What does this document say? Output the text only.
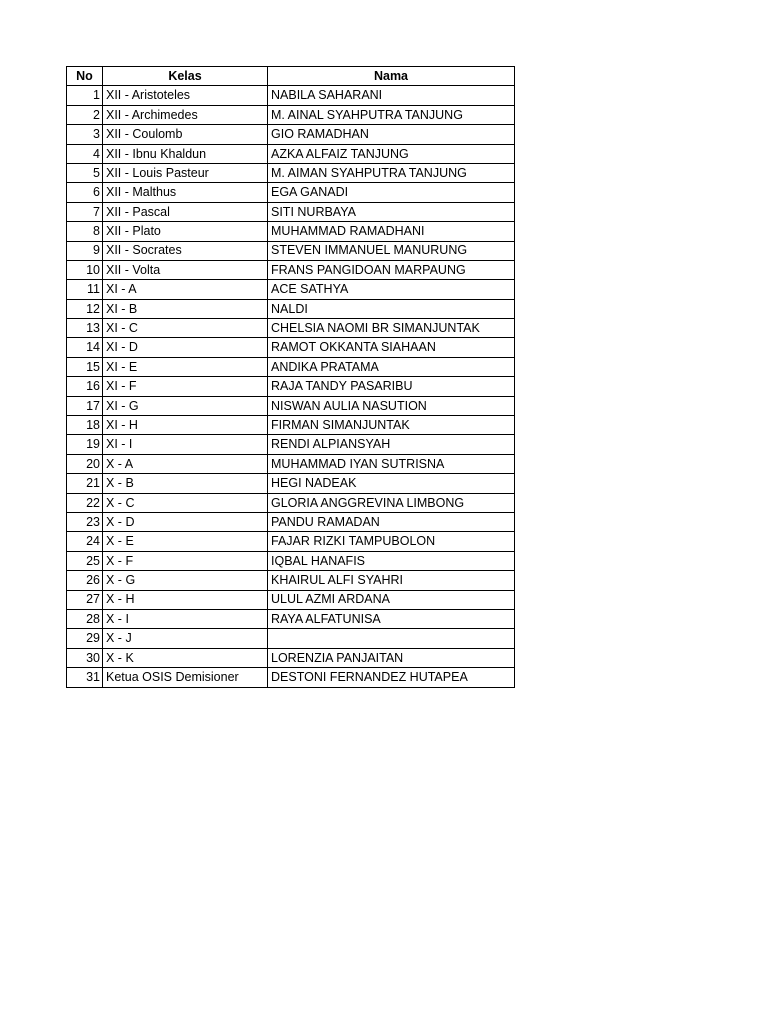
No	Kelas	Nama
1	XII - Aristoteles	NABILA SAHARANI
2	XII - Archimedes	M. AINAL SYAHPUTRA TANJUNG
3	XII - Coulomb	GIO RAMADHAN
4	XII - Ibnu Khaldun	AZKA ALFAIZ TANJUNG
5	XII - Louis Pasteur	M. AIMAN SYAHPUTRA TANJUNG
6	XII - Malthus	EGA GANADI
7	XII - Pascal	SITI NURBAYA
8	XII - Plato	MUHAMMAD RAMADHANI
9	XII - Socrates	STEVEN IMMANUEL MANURUNG
10	XII - Volta	FRANS PANGIDOAN MARPAUNG
11	XI - A	ACE SATHYA
12	XI - B	NALDI
13	XI - C	CHELSIA NAOMI BR SIMANJUNTAK
14	XI - D	RAMOT OKKANTA SIAHAAN
15	XI - E	ANDIKA PRATAMA
16	XI - F	RAJA TANDY PASARIBU
17	XI - G	NISWAN AULIA NASUTION
18	XI - H	FIRMAN SIMANJUNTAK
19	XI - I	RENDI ALPIANSYAH
20	X - A	MUHAMMAD IYAN SUTRISNA
21	X - B	HEGI NADEAK
22	X - C	GLORIA ANGGREVINA LIMBONG
23	X - D	PANDU RAMADAN
24	X - E	FAJAR RIZKI TAMPUBOLON
25	X - F	IQBAL HANAFIS
26	X - G	KHAIRUL ALFI SYAHRI
27	X - H	ULUL AZMI ARDANA
28	X - I	RAYA ALFATUNISA
29	X - J	
30	X - K	LORENZIA PANJAITAN
31	Ketua OSIS Demisioner	DESTONI FERNANDEZ HUTAPEA
